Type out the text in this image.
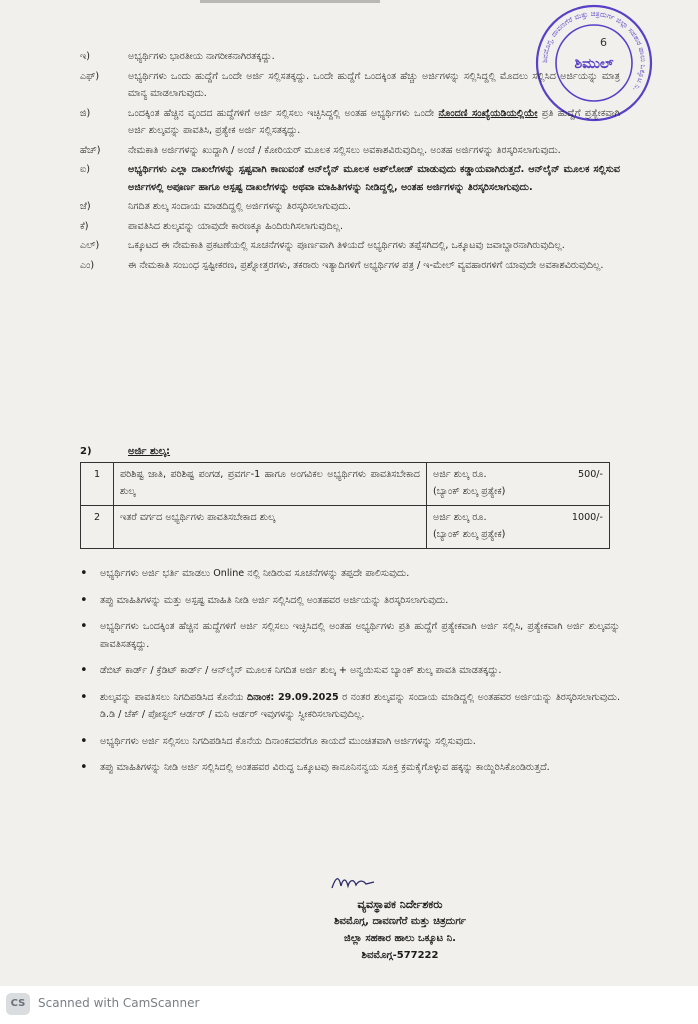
ಶಿವಮೊಗ್ಗ, ದಾವಣಗೆರೆ ಮತ್ತು ಚಿತ್ರದುರ್ಗ ಜಿಲ್ಲಾ ಸಹಕಾರ ಹಾಲು ಒಕ್ಕೂಟ ನಿ.
ಶಿಮುಲ್
6
ಇ)	ಅಭ್ಯರ್ಥಿಗಳು ಭಾರತೀಯ ನಾಗರೀಕನಾಗಿರತಕ್ಕದ್ದು.
ಎಫ್)	ಅಭ್ಯರ್ಥಿಗಳು ಒಂದು ಹುದ್ದೆಗೆ ಒಂದೇ ಅರ್ಜಿ ಸಲ್ಲಿಸತಕ್ಕದ್ದು. ಒಂದೇ ಹುದ್ದೆಗೆ ಒಂದಕ್ಕಿಂತ ಹೆಚ್ಚು ಅರ್ಜಿಗಳನ್ನು ಸಲ್ಲಿಸಿದ್ದಲ್ಲಿ ಮೊದಲು ಸಲ್ಲಿಸಿದ ಅರ್ಜಿಯನ್ನು ಮಾತ್ರ ಮಾನ್ಯ ಮಾಡಲಾಗುವುದು.
ಜಿ)	ಒಂದಕ್ಕಿಂತ ಹೆಚ್ಚಿನ ವೃಂದದ ಹುದ್ದೆಗಳಿಗೆ ಅರ್ಜಿ ಸಲ್ಲಿಸಲು ಇಚ್ಛಿಸಿದ್ದಲ್ಲಿ ಅಂತಹ ಅಭ್ಯರ್ಥಿಗಳು ಒಂದೇ ನೊಂದಣಿ ಸಂಖ್ಯೆಯಡಿಯಲ್ಲಿಯೇ ಪ್ರತಿ ಹುದ್ದೆಗೆ ಪ್ರತ್ಯೇಕವಾಗಿ ಅರ್ಜಿ ಶುಲ್ಕವನ್ನು ಪಾವತಿಸಿ, ಪ್ರತ್ಯೇಕ ಅರ್ಜಿ ಸಲ್ಲಿಸತಕ್ಕದ್ದು.
ಹೆಚ್)	ನೇಮಕಾತಿ ಅರ್ಜಿಗಳನ್ನು ಖುದ್ದಾಗಿ / ಅಂಚೆ / ಕೋರಿಯರ್ ಮೂಲಕ ಸಲ್ಲಿಸಲು ಅವಕಾಶವಿರುವುದಿಲ್ಲ. ಅಂತಹ ಅರ್ಜಿಗಳನ್ನು ತಿರಸ್ಕರಿಸಲಾಗುವುದು.
ಐ)	ಅಭ್ಯರ್ಥಿಗಳು ಎಲ್ಲಾ ದಾಖಲೆಗಳನ್ನು ಸ್ಪಷ್ಟವಾಗಿ ಕಾಣುವಂತೆ ಆನ್‌ಲೈನ್ ಮೂಲಕ ಅಪ್‌ಲೋಡ್ ಮಾಡುವುದು ಕಡ್ಡಾಯವಾಗಿರುತ್ತದೆ. ಆನ್‌ಲೈನ್ ಮೂಲಕ ಸಲ್ಲಿಸುವ ಅರ್ಜಿಗಳಲ್ಲಿ ಅಪೂರ್ಣ ಹಾಗೂ ಅಸ್ಪಷ್ಟ ದಾಖಲೆಗಳನ್ನು ಅಥವಾ ಮಾಹಿತಿಗಳನ್ನು ನೀಡಿದ್ದಲ್ಲಿ, ಅಂತಹ ಅರ್ಜಿಗಳನ್ನು ತಿರಸ್ಕರಿಸಲಾಗುವುದು.
ಜೆ)	ನಿಗದಿತ ಶುಲ್ಕ ಸಂದಾಯ ಮಾಡದಿದ್ದಲ್ಲಿ ಅರ್ಜಿಗಳನ್ನು ತಿರಸ್ಕರಿಸಲಾಗುವುದು.
ಕೆ)	ಪಾವತಿಸಿದ ಶುಲ್ಕವನ್ನು ಯಾವುದೇ ಕಾರಣಕ್ಕೂ ಹಿಂದಿರುಗಿಸಲಾಗುವುದಿಲ್ಲ.
ಎಲ್)	ಒಕ್ಕೂಟದ ಈ ನೇಮಕಾತಿ ಪ್ರಕಟಣೆಯಲ್ಲಿ ಸೂಚನೆಗಳನ್ನು ಪೂರ್ಣವಾಗಿ ತಿಳಿಯದೆ ಅಭ್ಯರ್ಥಿಗಳು ತಪ್ಪೆಸಗಿದಲ್ಲಿ, ಒಕ್ಕೂಟವು ಜವಾಬ್ದಾರನಾಗಿರುವುದಿಲ್ಲ.
ಎಂ)	ಈ ನೇಮಕಾತಿ ಸಂಬಂಧ ಸ್ಪಷ್ಟೀಕರಣ, ಪ್ರಶ್ನೋತ್ತರಗಳು, ತಕರಾರು ಇತ್ಯಾದಿಗಳಿಗೆ ಅಭ್ಯರ್ಥಿಗಳ ಪತ್ರ / ಇ-ಮೇಲ್ ವ್ಯವಹಾರಗಳಿಗೆ ಯಾವುದೇ ಅವಕಾಶವಿರುವುದಿಲ್ಲ.
2)	ಅರ್ಜಿ ಶುಲ್ಕ:
1	ಪರಿಶಿಷ್ಟ ಜಾತಿ, ಪರಿಶಿಷ್ಟ ಪಂಗಡ, ಪ್ರವರ್ಗ-1 ಹಾಗೂ ಅಂಗವಿಕಲ ಅಭ್ಯರ್ಥಿಗಳು ಪಾವತಿಸಬೇಕಾದ ಶುಲ್ಕ	ಅರ್ಜಿ ಶುಲ್ಕ ರೂ. 500/-
(ಬ್ಯಾಂಕ್ ಶುಲ್ಕ ಪ್ರತ್ಯೇಕ)

2	ಇತರೆ ವರ್ಗದ ಅಭ್ಯರ್ಥಿಗಳು ಪಾವತಿಸಬೇಕಾದ ಶುಲ್ಕ	ಅರ್ಜಿ ಶುಲ್ಕ ರೂ. 1000/-
(ಬ್ಯಾಂಕ್ ಶುಲ್ಕ ಪ್ರತ್ಯೇಕ)
•	ಅಭ್ಯರ್ಥಿಗಳು ಅರ್ಜಿ ಭರ್ತಿ ಮಾಡಲು Online ನಲ್ಲಿ ನೀಡಿರುವ ಸೂಚನೆಗಳನ್ನು ತಪ್ಪದೇ ಪಾಲಿಸುವುದು.
•	ತಪ್ಪು ಮಾಹಿತಿಗಳನ್ನು ಮತ್ತು ಅಸ್ಪಷ್ಟ ಮಾಹಿತಿ ನೀಡಿ ಅರ್ಜಿ ಸಲ್ಲಿಸಿದಲ್ಲಿ ಅಂತಹವರ ಅರ್ಜಿಯನ್ನು ತಿರಸ್ಕರಿಸಲಾಗುವುದು.
•	ಅಭ್ಯರ್ಥಿಗಳು ಒಂದಕ್ಕಿಂತ ಹೆಚ್ಚಿನ ಹುದ್ದೆಗಳಿಗೆ ಅರ್ಜಿ ಸಲ್ಲಿಸಲು ಇಚ್ಛಿಸಿದಲ್ಲಿ ಅಂತಹ ಅಭ್ಯರ್ಥಿಗಳು ಪ್ರತಿ ಹುದ್ದೆಗೆ ಪ್ರತ್ಯೇಕವಾಗಿ ಅರ್ಜಿ ಸಲ್ಲಿಸಿ, ಪ್ರತ್ಯೇಕವಾಗಿ ಅರ್ಜಿ ಶುಲ್ಕವನ್ನು ಪಾವತಿಸತಕ್ಕದ್ದು.
•	ಡೆಬಿಟ್ ಕಾರ್ಡ್ / ಕ್ರೆಡಿಟ್ ಕಾರ್ಡ್ / ಆನ್‌ಲೈನ್ ಮೂಲಕ ನಿಗದಿತ ಅರ್ಜಿ ಶುಲ್ಕ + ಅನ್ವಯಿಸುವ ಬ್ಯಾಂಕ್ ಶುಲ್ಕ ಪಾವತಿ ಮಾಡತಕ್ಕದ್ದು.
•	ಶುಲ್ಕವನ್ನು ಪಾವತಿಸಲು ನಿಗದಿಪಡಿಸಿದ ಕೊನೆಯ ದಿನಾಂಕ: 29.09.2025 ರ ನಂತರ ಶುಲ್ಕವನ್ನು ಸಂದಾಯ ಮಾಡಿದ್ದಲ್ಲಿ ಅಂತಹವರ ಅರ್ಜಿಯನ್ನು ತಿರಸ್ಕರಿಸಲಾಗುವುದು. ಡಿ.ಡಿ / ಚೆಕ್ / ಪೋಸ್ಟಲ್ ಆರ್ಡರ್ / ಮನಿ ಆರ್ಡರ್ ಇವುಗಳನ್ನು ಸ್ವೀಕರಿಸಲಾಗುವುದಿಲ್ಲ.
•	ಅಭ್ಯರ್ಥಿಗಳು ಅರ್ಜಿ ಸಲ್ಲಿಸಲು ನಿಗದಿಪಡಿಸಿದ ಕೊನೆಯ ದಿನಾಂಕದವರೆಗೂ ಕಾಯದೆ ಮುಂಚಿತವಾಗಿ ಅರ್ಜಿಗಳನ್ನು ಸಲ್ಲಿಸುವುದು.
•	ತಪ್ಪು ಮಾಹಿತಿಗಳನ್ನು ನೀಡಿ ಅರ್ಜಿ ಸಲ್ಲಿಸಿದಲ್ಲಿ ಅಂತಹವರ ವಿರುದ್ಧ ಒಕ್ಕೂಟವು ಕಾನೂನಿನನ್ವಯ ಸೂಕ್ತ ಕ್ರಮಕೈಗೊಳ್ಳುವ ಹಕ್ಕನ್ನು ಕಾಯ್ದಿರಿಸಿಕೊಂಡಿರುತ್ತದೆ.
ವ್ಯವಸ್ಥಾಪಕ ನಿರ್ದೇಶಕರು
ಶಿವಮೊಗ್ಗ, ದಾವಣಗೆರೆ ಮತ್ತು ಚಿತ್ರದುರ್ಗ
ಜಿಲ್ಲಾ ಸಹಕಾರ ಹಾಲು ಒಕ್ಕೂಟ ನಿ.
ಶಿವಮೊಗ್ಗ-577222
CS	Scanned with CamScanner
